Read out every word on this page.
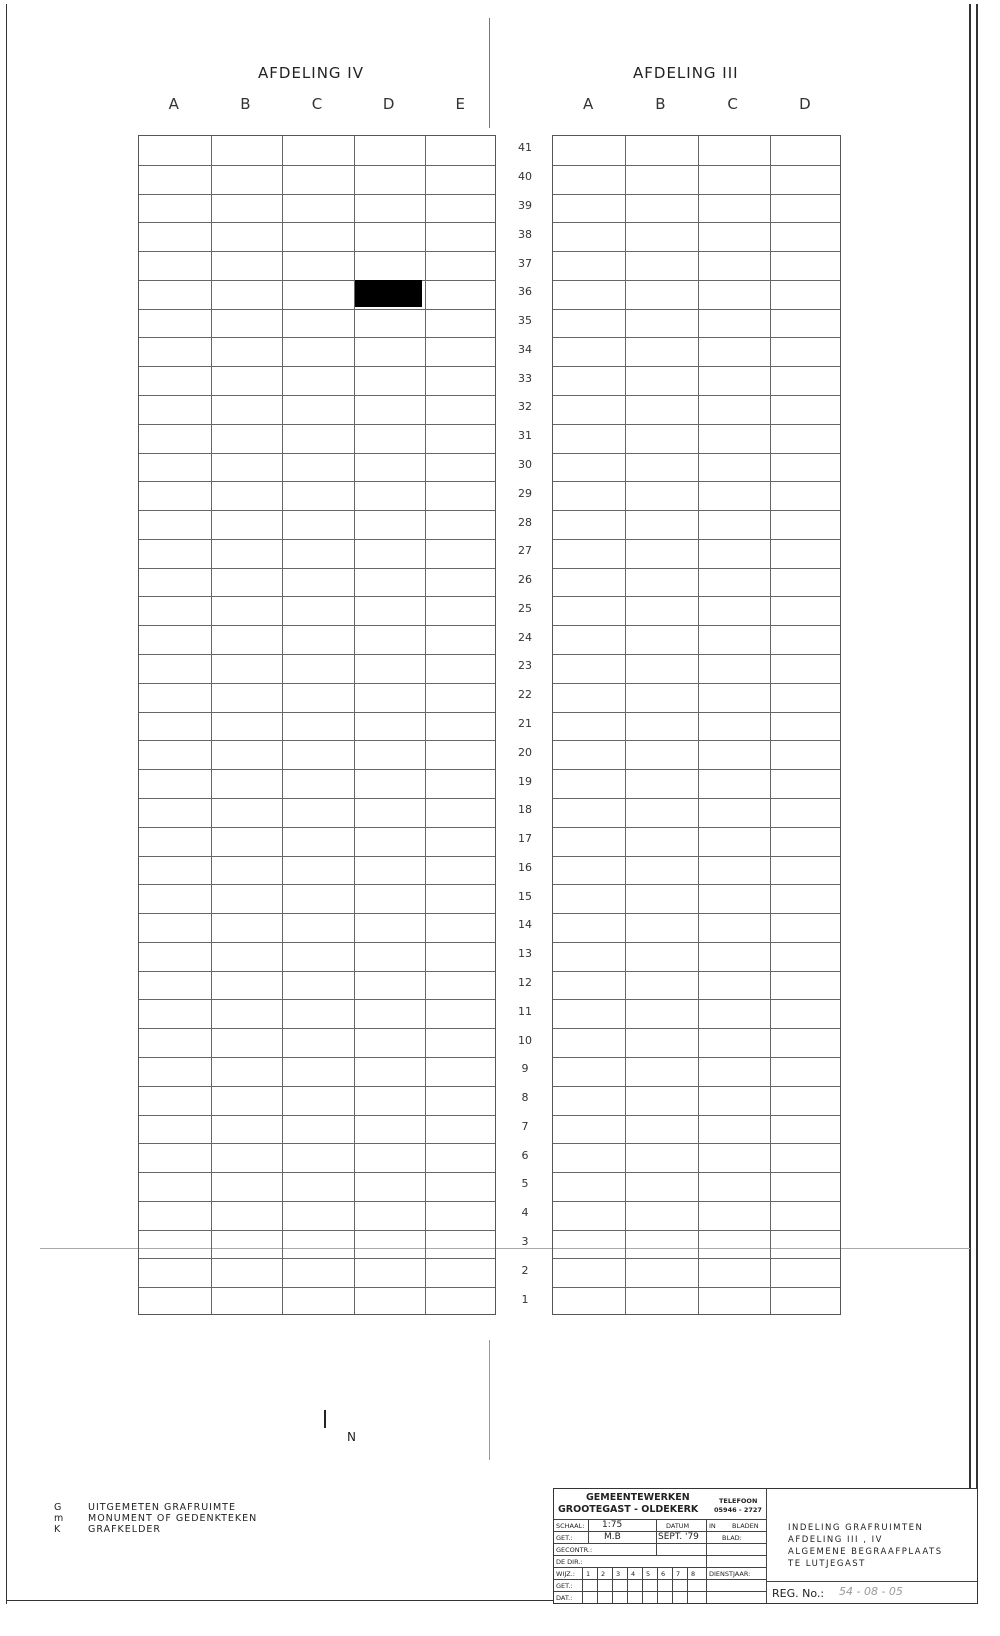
AFDELING IV	AFDELING III
A	B	C	D	E	A	B	C	D
41
40
39
38
37
36
35
34
33
32
31
30
29
28
27
26
25
24
23
22
21
20
19
18
17
16
15
14
13
12
11
10
9
8
7
6
5
4
3
2
1
N
G	UITGEMETEN GRAFRUIMTE
m MONUMENT OF GEDENKTEKEN
K	GRAFKELDER
GEMEENTEWERKEN
GROOTEGAST - OLDEKERK
TELEFOON
05946 - 2727
SCHAAL: 1:75	DATUM	IN BLADEN
GET.:	M.B	SEPT. '79	BLAD:
GECONTR.:
DE DIR.:
WIJZ.: 1 2 3 4 5 6 7 8 DIENSTJAAR:
GET.:
DAT.:
INDELING GRAFRUIMTEN
AFDELING III , IV
ALGEMENE BEGRAAFPLAATS
TE LUTJEGAST
REG. No.: 54 - 08 - 05
